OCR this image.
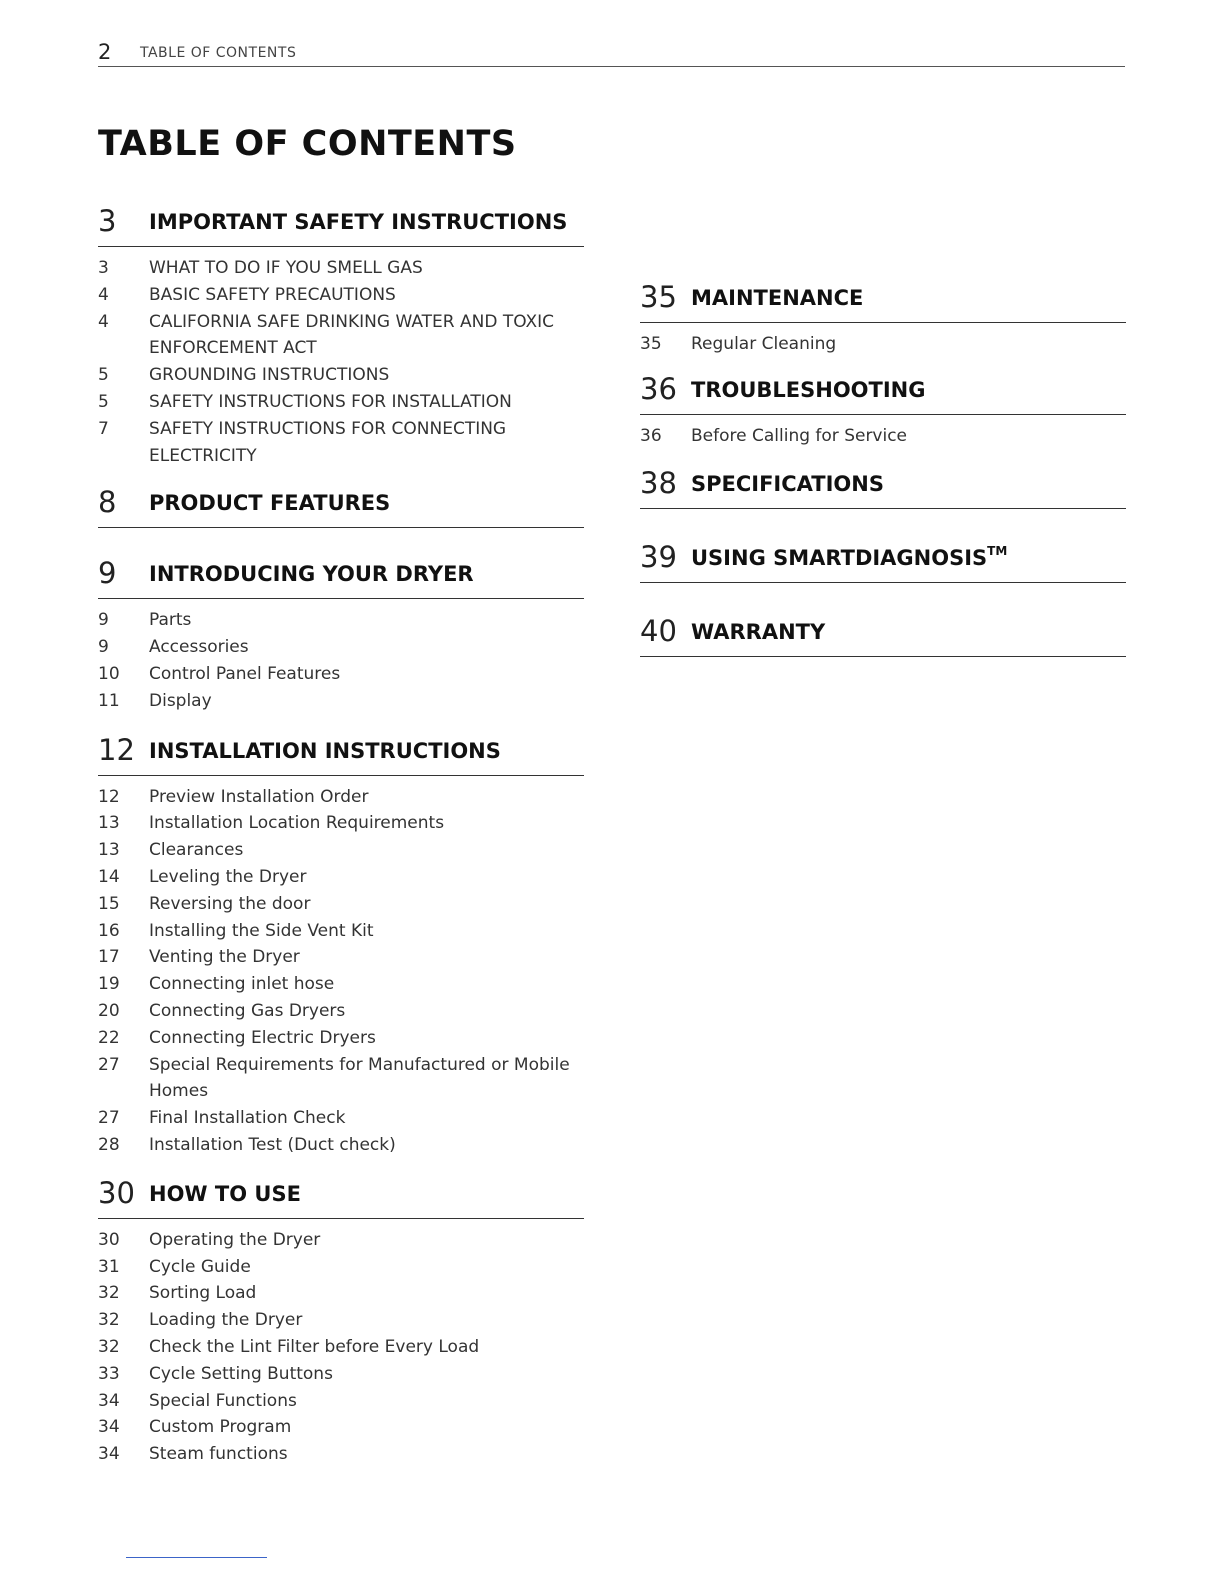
2 TABLE OF CONTENTS
TABLE OF CONTENTS
3 IMPORTANT SAFETY INSTRUCTIONS
3	WHAT TO DO IF YOU SMELL GAS
4	BASIC SAFETY PRECAUTIONS
4	CALIFORNIA SAFE DRINKING WATER AND TOXIC ENFORCEMENT ACT
5	GROUNDING INSTRUCTIONS
5	SAFETY INSTRUCTIONS FOR INSTALLATION
7	SAFETY INSTRUCTIONS FOR CONNECTING ELECTRICITY
8 PRODUCT FEATURES
9 INTRODUCING YOUR DRYER
9	Parts
9	Accessories
10	Control Panel Features
11	Display
12 INSTALLATION INSTRUCTIONS
12	Preview Installation Order
13	Installation Location Requirements
13	Clearances
14	Leveling the Dryer
15	Reversing the door
16	Installing the Side Vent Kit
17	Venting the Dryer
19	Connecting inlet hose
20	Connecting Gas Dryers
22	Connecting Electric Dryers
27	Special Requirements for Manufactured or Mobile Homes
27	Final Installation Check
28	Installation Test (Duct check)
30 HOW TO USE
30	Operating the Dryer
31	Cycle Guide
32	Sorting Load
32	Loading the Dryer
32	Check the Lint Filter before Every Load
33	Cycle Setting Buttons
34	Special Functions
34	Custom Program
34	Steam functions
35 MAINTENANCE
35	Regular Cleaning
36 TROUBLESHOOTING
36	Before Calling for Service
38 SPECIFICATIONS
39 USING SMARTDIAGNOSIS™
40 WARRANTY
